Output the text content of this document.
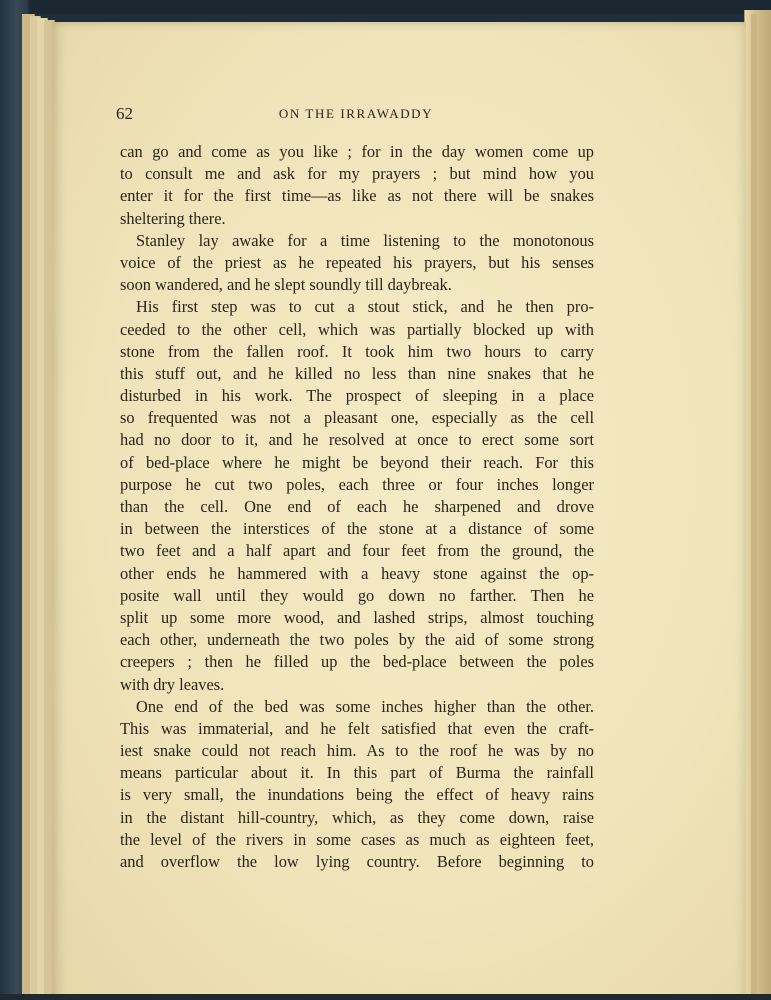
62	ON THE IRRAWADDY
can go and come as you like ; for in the day women come up
to consult me and ask for my prayers ; but mind how you
enter it for the first time—as like as not there will be snakes
sheltering there.
Stanley lay awake for a time listening to the monotonous
voice of the priest as he repeated his prayers, but his senses
soon wandered, and he slept soundly till daybreak.
His first step was to cut a stout stick, and he then pro-
ceeded to the other cell, which was partially blocked up with
stone from the fallen roof. It took him two hours to carry
this stuff out, and he killed no less than nine snakes that he
disturbed in his work. The prospect of sleeping in a place
so frequented was not a pleasant one, especially as the cell
had no door to it, and he resolved at once to erect some sort
of bed-place where he might be beyond their reach. For this
purpose he cut two poles, each three or four inches longer
than the cell. One end of each he sharpened and drove
in between the interstices of the stone at a distance of some
two feet and a half apart and four feet from the ground, the
other ends he hammered with a heavy stone against the op-
posite wall until they would go down no farther. Then he
split up some more wood, and lashed strips, almost touching
each other, underneath the two poles by the aid of some strong
creepers ; then he filled up the bed-place between the poles
with dry leaves.
One end of the bed was some inches higher than the other.
This was immaterial, and he felt satisfied that even the craft-
iest snake could not reach him. As to the roof he was by no
means particular about it. In this part of Burma the rainfall
is very small, the inundations being the effect of heavy rains
in the distant hill-country, which, as they come down, raise
the level of the rivers in some cases as much as eighteen feet,
and overflow the low lying country. Before beginning to
